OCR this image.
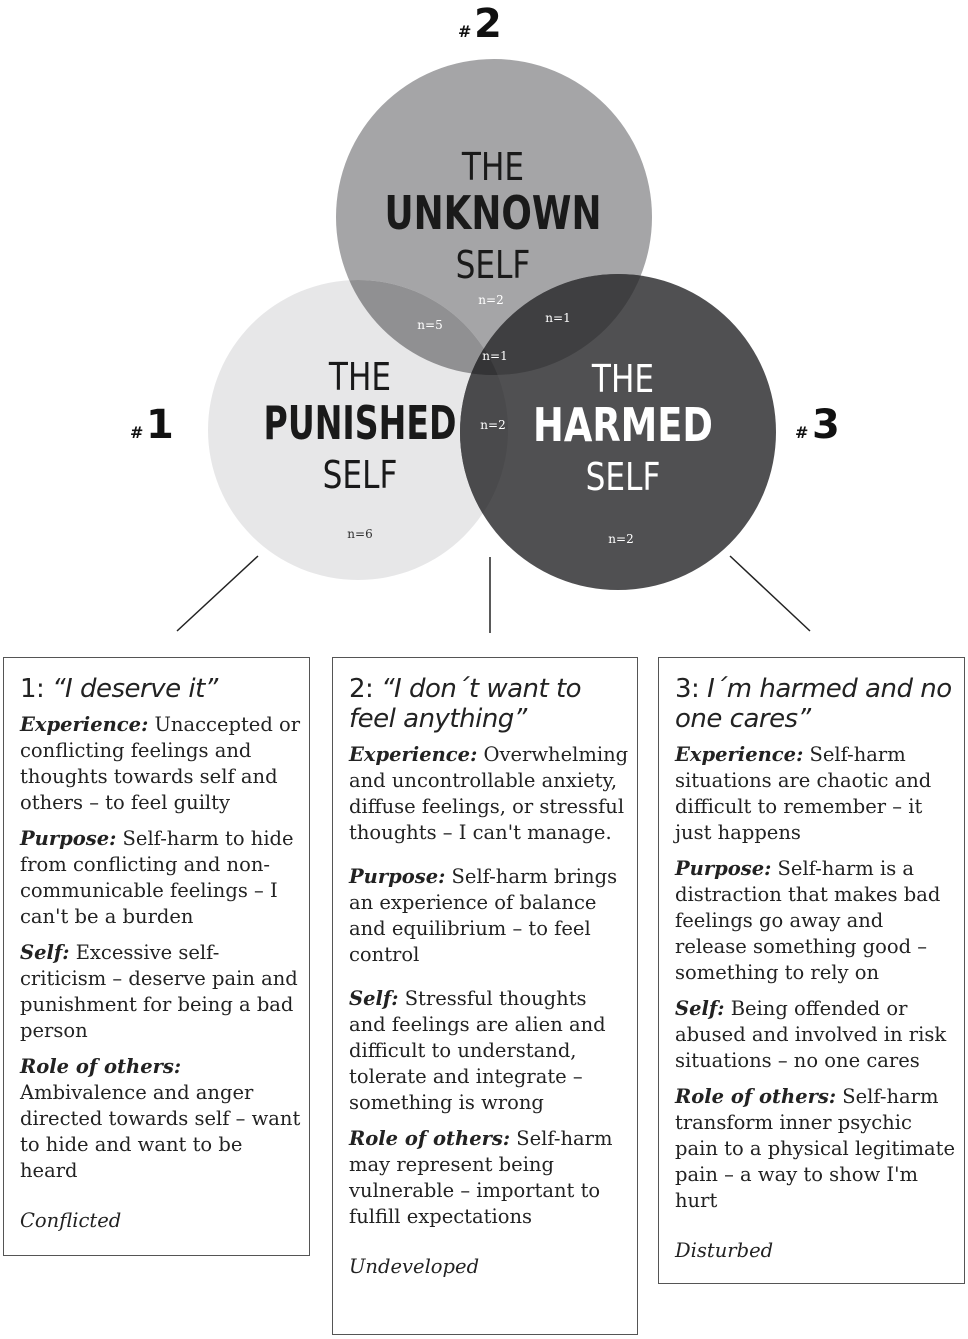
# 2
# 1	# 3
THE
UNKNOWN
SELF
THE
PUNISHED
SELF
THE
HARMED
SELF
n=2
n=5	n=1
n=1
n=2
n=6	n=2
1: “I deserve it”

Experience: Unaccepted or conflicting feelings and thoughts towards self and others – to feel guilty

Purpose: Self-harm to hide from conflicting and non-communicable feelings – I can't be a burden

Self: Excessive self-criticism – deserve pain and punishment for being a bad person

Role of others:
Ambivalence and anger directed towards self – want to hide and want to be heard

Conflicted

2: “I don´t want to feel anything”

Experience: Overwhelming and uncontrollable anxiety, diffuse feelings, or stressful thoughts – I can't manage.

Purpose: Self-harm brings an experience of balance and equilibrium – to feel control

Self: Stressful thoughts and feelings are alien and difficult to understand, tolerate and integrate – something is wrong

Role of others: Self-harm may represent being vulnerable – important to fulfill expectations

Undeveloped

3: I´m harmed and no one cares”

Experience: Self-harm situations are chaotic and difficult to remember – it just happens

Purpose: Self-harm is a distraction that makes bad feelings go away and release something good – something to rely on

Self: Being offended or abused and involved in risk situations – no one cares

Role of others: Self-harm transform inner psychic pain to a physical legitimate pain – a way to show I'm hurt

Disturbed
